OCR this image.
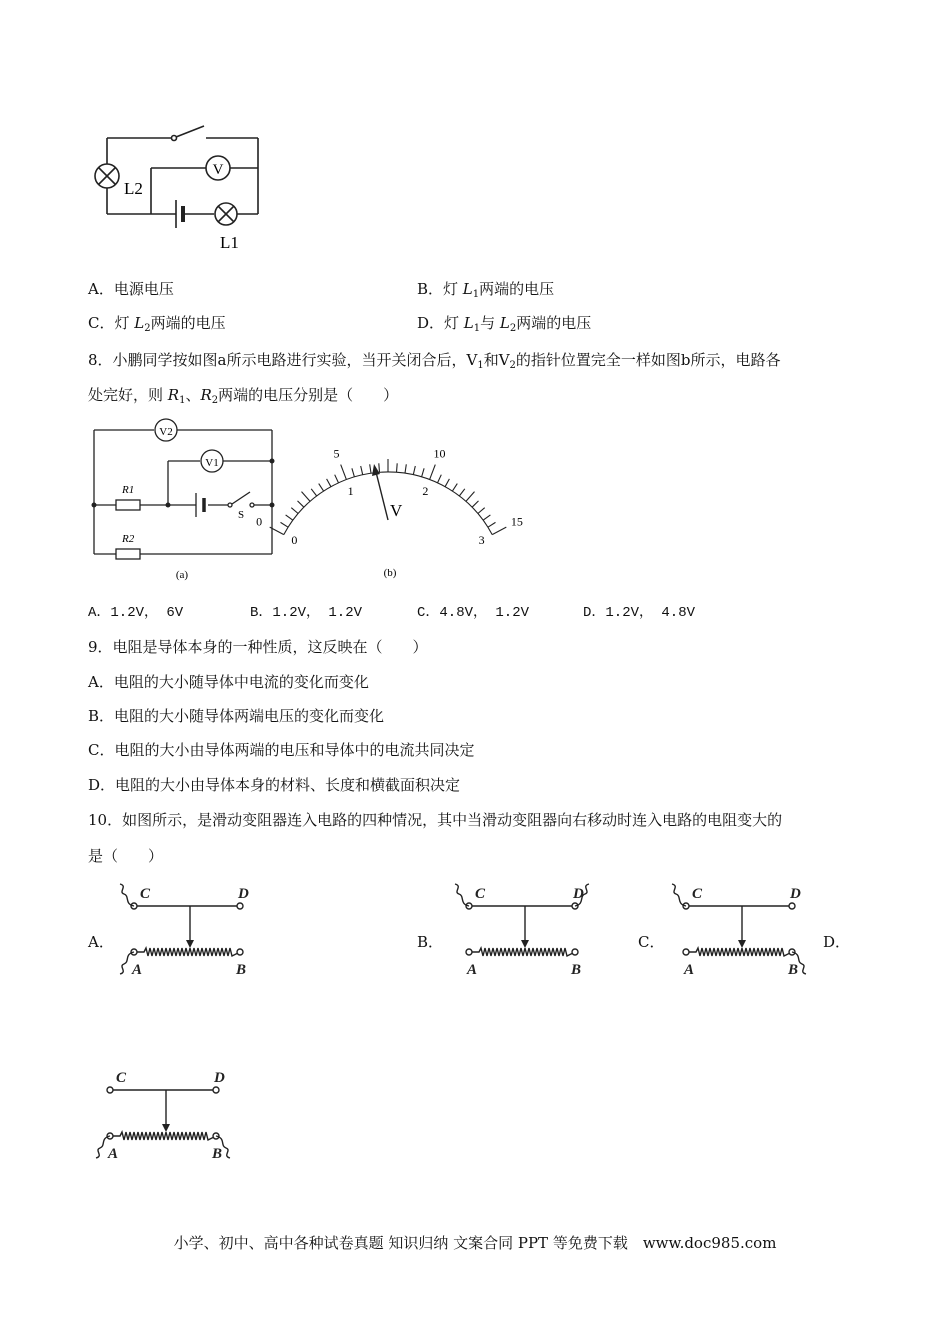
V
L2
L1
A．电源电压	B．灯 $L_1$两端的电压
C．灯 $L_2$两端的电压	D．灯 $L_1$与 $L_2$两端的电压
8．小鹏同学按如图a所示电路进行实验，当开关闭合后，$V_1$和$V_2$的指针位置完全一样如图b所示，电路各
处完好，则 $R_1$、$R_2$两端的电压分别是（　　）
V2
V1
R1
R2
S
(a)
0
5	10
15
0
1	2
3
V
(b)
A．1.2V， 6V	B．1.2V， 1.2V	C．4.8V， 1.2V	D．1.2V， 4.8V
9．电阻是导体本身的一种性质，这反映在（　　）
A．电阻的大小随导体中电流的变化而变化
B．电阻的大小随导体两端电压的变化而变化
C．电阻的大小由导体两端的电压和导体中的电流共同决定
D．电阻的大小由导体本身的材料、长度和横截面积决定
10．如图所示，是滑动变阻器连入电路的四种情况，其中当滑动变阻器向右移动时连入电路的电阻变大的
是（　　）
A．	B．	C．	D．
C	D
A	B
C	D
A	B
C	D
A	B
C	D
A	B
小学、初中、高中各种试卷真题 知识归纳 文案合同 PPT 等免费下载　www.doc985.com
